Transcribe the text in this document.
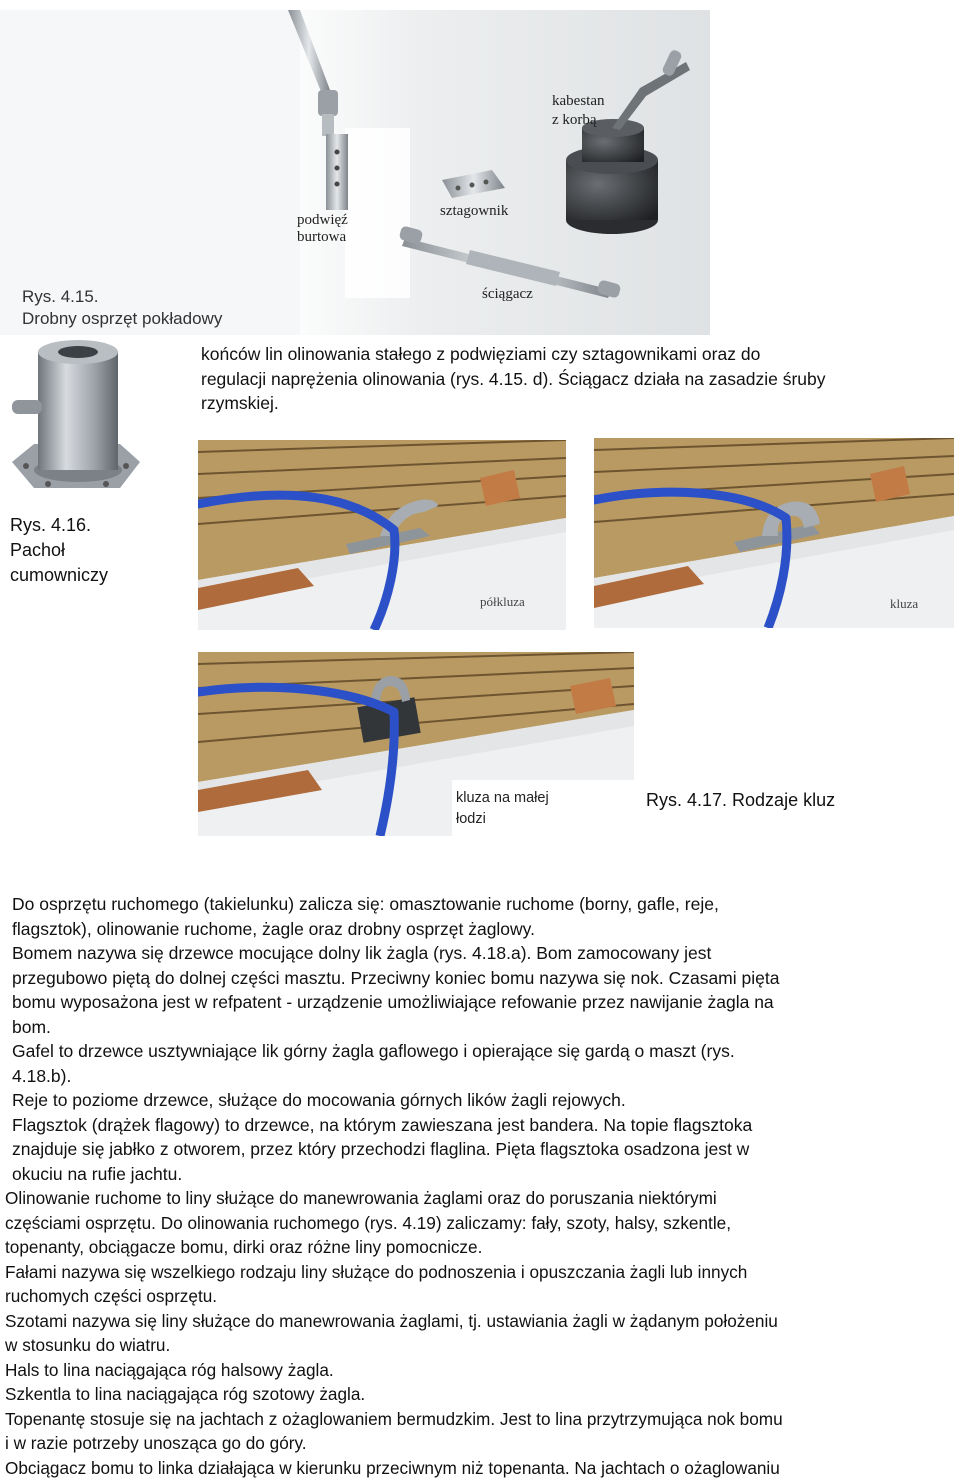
podwięź
burtowa
kabestan
z korbą
sztagownik
ściągacz
Rys. 4.15.
Drobny osprzęt pokładowy

końców lin olinowania stałego z podwięziami czy sztagownikami oraz do

regulacji naprężenia olinowania (rys. 4.15. d). Ściągacz działa na zasadzie śruby

rzymskiej.

Rys. 4.16.

Pachoł

cumowniczy

półkluza	kluza
kluza na małej
łodzi
Rys. 4.17. Rodzaje kluz

Do osprzętu ruchomego (takielunku) zalicza się: omasztowanie ruchome (borny, gafle, reje,

flagsztok), olinowanie ruchome, żagle oraz drobny osprzęt żaglowy.

Bomem nazywa się drzewce mocujące dolny lik żagla (rys. 4.18.a). Bom zamocowany jest

przegubowo piętą do dolnej części masztu. Przeciwny koniec bomu nazywa się nok. Czasami pięta

bomu wyposażona jest w refpatent - urządzenie umożliwiające refowanie przez nawijanie żagla na

bom.

Gafel to drzewce usztywniające lik górny żagla gaflowego i opierające się gardą o maszt (rys.

4.18.b).

Reje to poziome drzewce, służące do mocowania górnych lików żagli rejowych.

Flagsztok (drążek flagowy) to drzewce, na którym zawieszana jest bandera. Na topie flagsztoka

znajduje się jabłko z otworem, przez który przechodzi flaglina. Pięta flagsztoka osadzona jest w

okuciu na rufie jachtu.

Olinowanie ruchome to liny służące do manewrowania żaglami oraz do poruszania niektórymi

częściami osprzętu. Do olinowania ruchomego (rys. 4.19) zaliczamy: fały, szoty, halsy, szkentle,

topenanty, obciągacze bomu, dirki oraz różne liny pomocnicze.

Fałami nazywa się wszelkiego rodzaju liny służące do podnoszenia i opuszczania żagli lub innych

ruchomych części osprzętu.

Szotami nazywa się liny służące do manewrowania żaglami, tj. ustawiania żagli w żądanym położeniu

w stosunku do wiatru.

Hals to lina naciągająca róg halsowy żagla.

Szkentla to lina naciągająca róg szotowy żagla.

Topenantę stosuje się na jachtach z ożaglowaniem bermudzkim. Jest to lina przytrzymująca nok bomu

i w razie potrzeby unosząca go do góry.

Obciągacz bomu to linka działająca w kierunku przeciwnym niż topenanta. Na jachtach o ożaglowaniu
